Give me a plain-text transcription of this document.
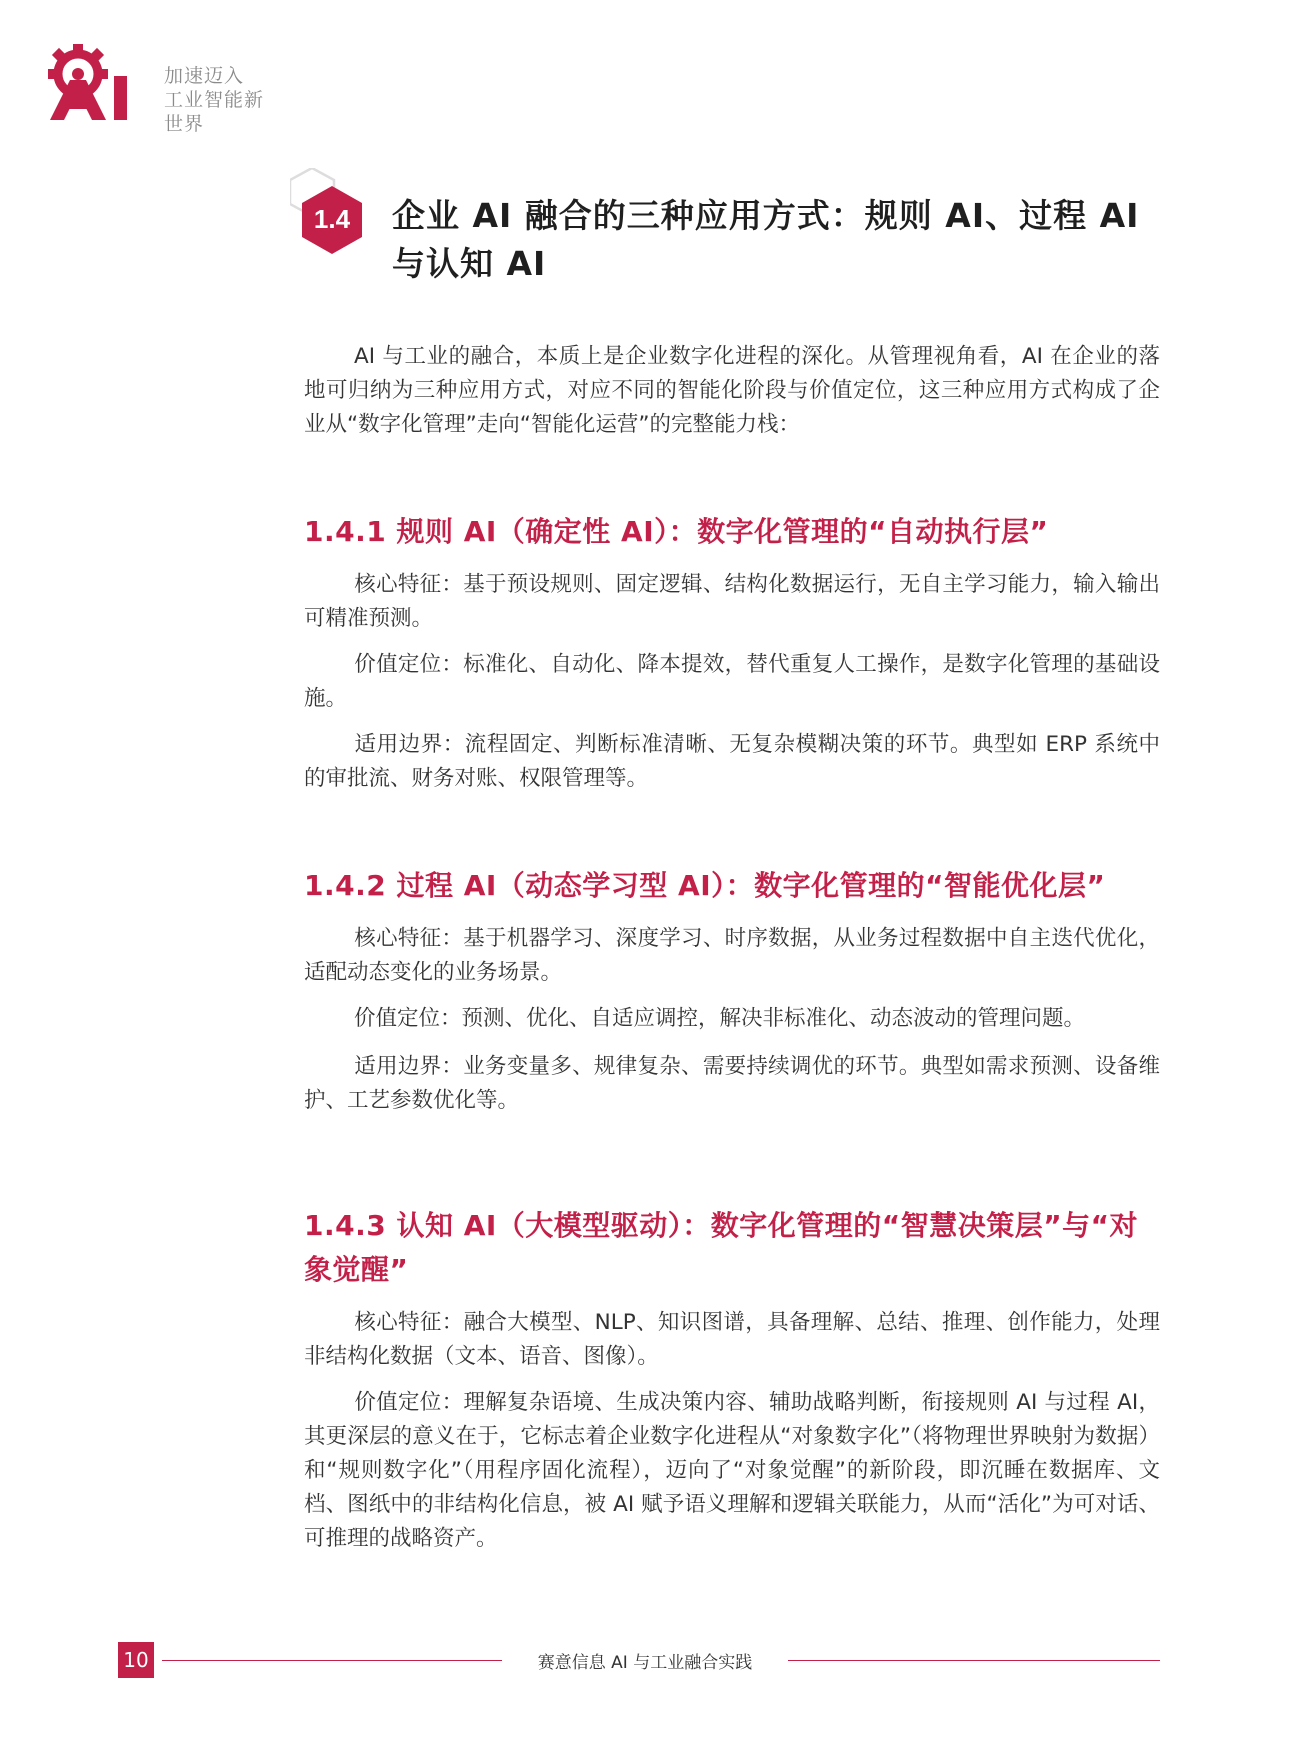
加速迈入
工业智能新世界
1.4 企业 AI 融合的三种应用方式：规则 AI、过程 AI 与认知 AI
AI 与工业的融合，本质上是企业数字化进程的深化。从管理视角看，AI 在企业的落地可归纳为三种应用方式，对应不同的智能化阶段与价值定位，这三种应用方式构成了企业从“数字化管理”走向“智能化运营”的完整能力栈：
1.4.1 规则 AI（确定性 AI）：数字化管理的“自动执行层”
核心特征：基于预设规则、固定逻辑、结构化数据运行，无自主学习能力，输入输出可精准预测。
价值定位：标准化、自动化、降本提效，替代重复人工操作，是数字化管理的基础设施。
适用边界：流程固定、判断标准清晰、无复杂模糊决策的环节。典型如 ERP 系统中的审批流、财务对账、权限管理等。
1.4.2 过程 AI（动态学习型 AI）：数字化管理的“智能优化层”
核心特征：基于机器学习、深度学习、时序数据，从业务过程数据中自主迭代优化，适配动态变化的业务场景。
价值定位：预测、优化、自适应调控，解决非标准化、动态波动的管理问题。
适用边界：业务变量多、规律复杂、需要持续调优的环节。典型如需求预测、设备维护、工艺参数优化等。
1.4.3 认知 AI（大模型驱动）：数字化管理的“智慧决策层”与“对象觉醒”
核心特征：融合大模型、NLP、知识图谱，具备理解、总结、推理、创作能力，处理非结构化数据（文本、语音、图像）。
价值定位：理解复杂语境、生成决策内容、辅助战略判断，衔接规则 AI 与过程 AI，其更深层的意义在于，它标志着企业数字化进程从“对象数字化”（将物理世界映射为数据）和“规则数字化”（用程序固化流程），迈向了“对象觉醒”的新阶段，即沉睡在数据库、文档、图纸中的非结构化信息，被 AI 赋予语义理解和逻辑关联能力，从而“活化”为可对话、可推理的战略资产。
10	赛意信息 AI 与工业融合实践
